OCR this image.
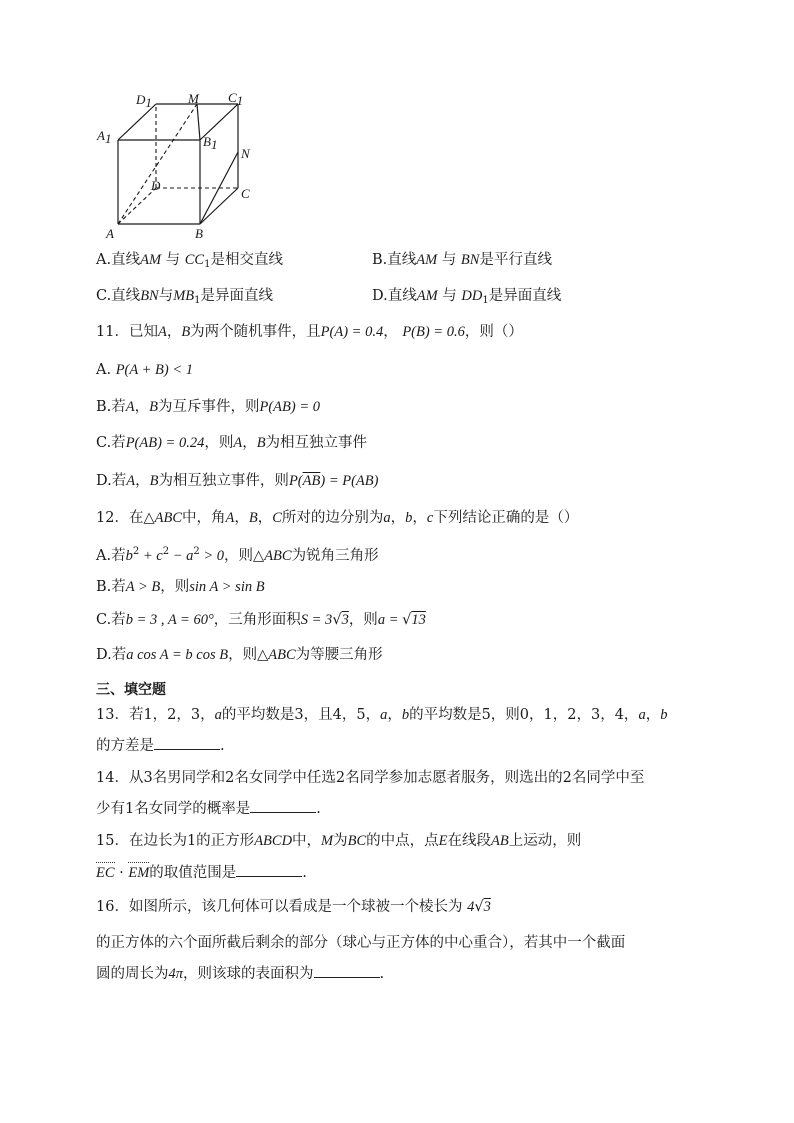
D1	M C1
A1	B1
N
D
C
A	B
A.直线AM 与 $CC_1$是相交直线	B.直线AM 与 BN是平行直线
C.直线BN与$MB_1$是异面直线	D.直线AM 与 $DD_1$是异面直线
11．已知A，B为两个随机事件，且P(A) = 0.4， P(B) = 0.6，则（）
A. P(A + B) < 1
B.若A，B为互斥事件，则P(AB) = 0
C.若P(AB) = 0.24，则A，B为相互独立事件
D.若A，B为相互独立事件，则$P(\overline{AB}) = P(AB)$
12．在△ABC中，角A，B，C所对的边分别为a，b，c下列结论正确的是（）
A.若$b^2 + c^2 - a^2 > 0$，则△ABC为锐角三角形
B.若A > B，则sin A > sin B
C.若b = 3 , A = 60°，三角形面积S = 3√3，则a = √13
D.若a cos A = b cos B，则△ABC为等腰三角形
三、填空题
13．若1，2，3，a的平均数是3，且4，5，a，b的平均数是5，则0，1，2，3，4，a，b
的方差是	.
14．从3名男同学和2名女同学中任选2名同学参加志愿者服务，则选出的2名同学中至
少有1名女同学的概率是	.
15．在边长为1的正方形ABCD中，M为BC的中点，点E在线段AB上运动，则
EC · EM的取值范围是	.
16．如图所示，该几何体可以看成是一个球被一个棱长为 4√3
的正方体的六个面所截后剩余的部分（球心与正方体的中心重合），若其中一个截面
圆的周长为4π，则该球的表面积为	.
